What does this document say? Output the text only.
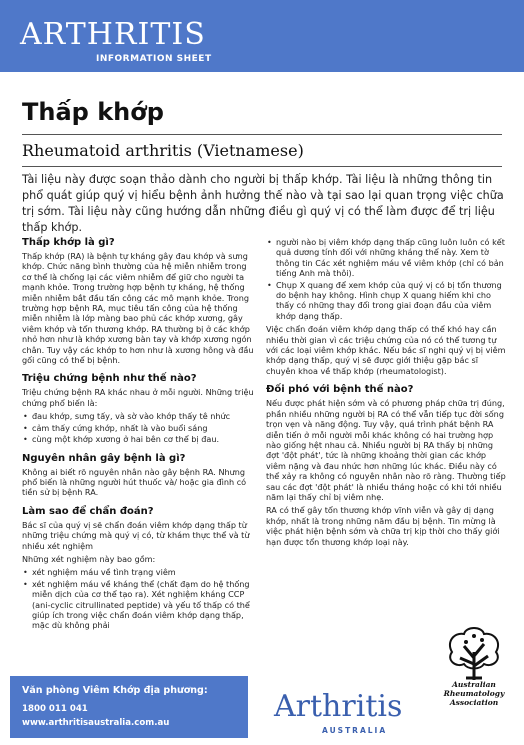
ARTHRITIS
INFORMATION SHEET
Thấp khớp
Rheumatoid arthritis (Vietnamese)
Tài liệu này được soạn thảo dành cho người bị thấp khớp. Tài liệu là những thông tin phổ quát giúp quý vị hiểu bệnh ảnh hưởng thế nào và tại sao lại quan trọng việc chữa trị sớm. Tài liệu này cũng hướng dẫn những điều gì quý vị có thể làm được để trị liệu thấp khớp.
Thấp khớp là gì?

Thấp khớp (RA) là bệnh tự kháng gây đau khớp và sưng khớp. Chức năng bình thường của hệ miễn nhiễm trong cơ thể là chống lại các viêm nhiễm để giữ cho người ta mạnh khỏe. Trong trường hợp bệnh tự kháng, hệ thống miễn nhiễm bắt đầu tấn công các mô mạnh khỏe. Trong trường hợp bệnh RA, mục tiêu tấn công của hệ thống miễn nhiễm là lớp màng bao phủ các khớp xương, gây viêm khớp và tổn thương khớp. RA thường bị ở các khớp nhỏ hơn như là khớp xương bàn tay và khớp xương ngón chân. Tuy vậy các khớp to hơn như là xương hông và đầu gối cũng có thể bị bệnh.

Triệu chứng bệnh như thế nào?

Triệu chứng bệnh RA khác nhau ở mỗi người. Những triệu chứng phổ biến là:

• đau khớp, sưng tấy, và sờ vào khớp thấy tê nhức
• cảm thấy cứng khớp, nhất là vào buổi sáng
• cùng một khớp xương ở hai bên cơ thể bị đau.
Nguyên nhân gây bệnh là gì?

Không ai biết rõ nguyên nhân nào gây bệnh RA. Nhưng phổ biến là những người hút thuốc và/ hoặc gia đình có tiền sử bị bệnh RA.

Làm sao để chẩn đoán?

Bác sĩ của quý vị sẽ chẩn đoán viêm khớp dạng thấp từ những triệu chứng mà quý vị có, từ khám thực thể và từ nhiều xét nghiệm

Những xét nghiệm này bao gồm:

• xét nghiệm máu về tình trạng viêm
• xét nghiệm máu về kháng thể (chất đạm do hệ thống miễn dịch của cơ thể tạo ra). Xét nghiệm kháng CCP (ani-cyclic citrullinated peptide) và yếu tố thấp có thể giúp ích trong việc chẩn đoán viêm khớp dạng thấp, mặc dù không phải
• người nào bị viêm khớp dạng thấp cũng luôn luôn có kết quả dương tính đối với những kháng thể này. Xem tờ thông tin Các xét nghiệm máu về viêm khớp (chỉ có bản tiếng Anh mà thôi).
• Chụp X quang để xem khớp của quý vị có bị tổn thương do bệnh hay không. Hình chụp X quang hiếm khi cho thấy có những thay đổi trong giai đoạn đầu của viêm khớp dạng thấp.

Việc chẩn đoán viêm khớp dạng thấp có thể khó hay cần nhiều thời gian vì các triệu chứng của nó có thể tương tự với các loại viêm khớp khác. Nếu bác sĩ nghi quý vị bị viêm khớp dạng thấp, quý vị sẽ được giới thiệu gặp bác sĩ chuyên khoa về thấp khớp (rheumatologist).

Đối phó với bệnh thế nào?

Nếu được phát hiện sớm và có phương pháp chữa trị đúng, phần nhiều những người bị RA có thể vẫn tiếp tục đời sống trọn vẹn và năng động. Tuy vậy, quá trình phát bệnh RA diễn tiến ở mỗi người mỗi khác không có hai trường hợp nào giống hệt nhau cả. Nhiều người bị RA thấy bị những đợt 'đột phát', tức là những khoảng thời gian các khớp viêm nặng và đau nhức hơn những lúc khác. Điều này có thể xảy ra không có nguyên nhân nào rõ ràng. Thường tiếp sau các đợt 'đột phát' là nhiều tháng hoặc có khi tới nhiều năm lại thấy chỉ bị viêm nhẹ.

RA có thể gây tổn thương khớp vĩnh viễn và gây dị dạng khớp, nhất là trong những năm đầu bị bệnh. Tin mừng là việc phát hiện bệnh sớm và chữa trị kịp thời cho thấy giới hạn được tổn thương khớp loại này.

Văn phòng Viêm Khớp địa phương:
1800 011 041 www.arthritisaustralia.com.au	Arthritis
AUSTRALIA
Australian
Rheumatology
Association
